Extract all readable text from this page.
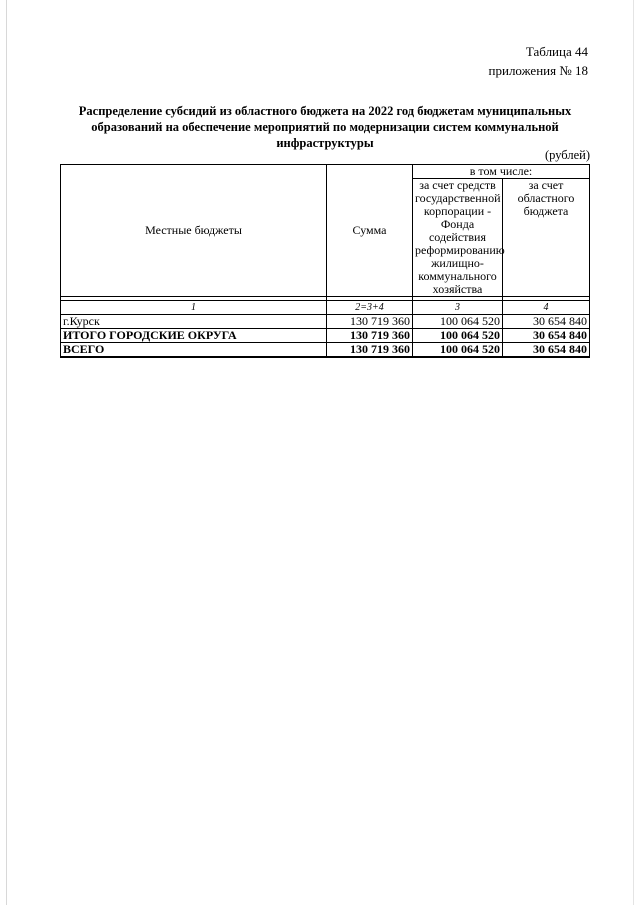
Таблица 44
приложения № 18
Распределение субсидий из областного бюджета на 2022 год бюджетам муниципальных образований на обеспечение мероприятий по модернизации систем коммунальной инфраструктуры
(рублей)
Местные бюджеты	Сумма	в том числе:	
		за счет средств государственной корпорации - Фонда содействия реформированию жилищно-коммунального хозяйства	за счет областного бюджета

1	2=3+4	3	4
г.Курск	130 719 360	100 064 520	30 654 840
ИТОГО ГОРОДСКИЕ ОКРУГА	130 719 360	100 064 520	30 654 840
ВСЕГО	130 719 360	100 064 520	30 654 840
